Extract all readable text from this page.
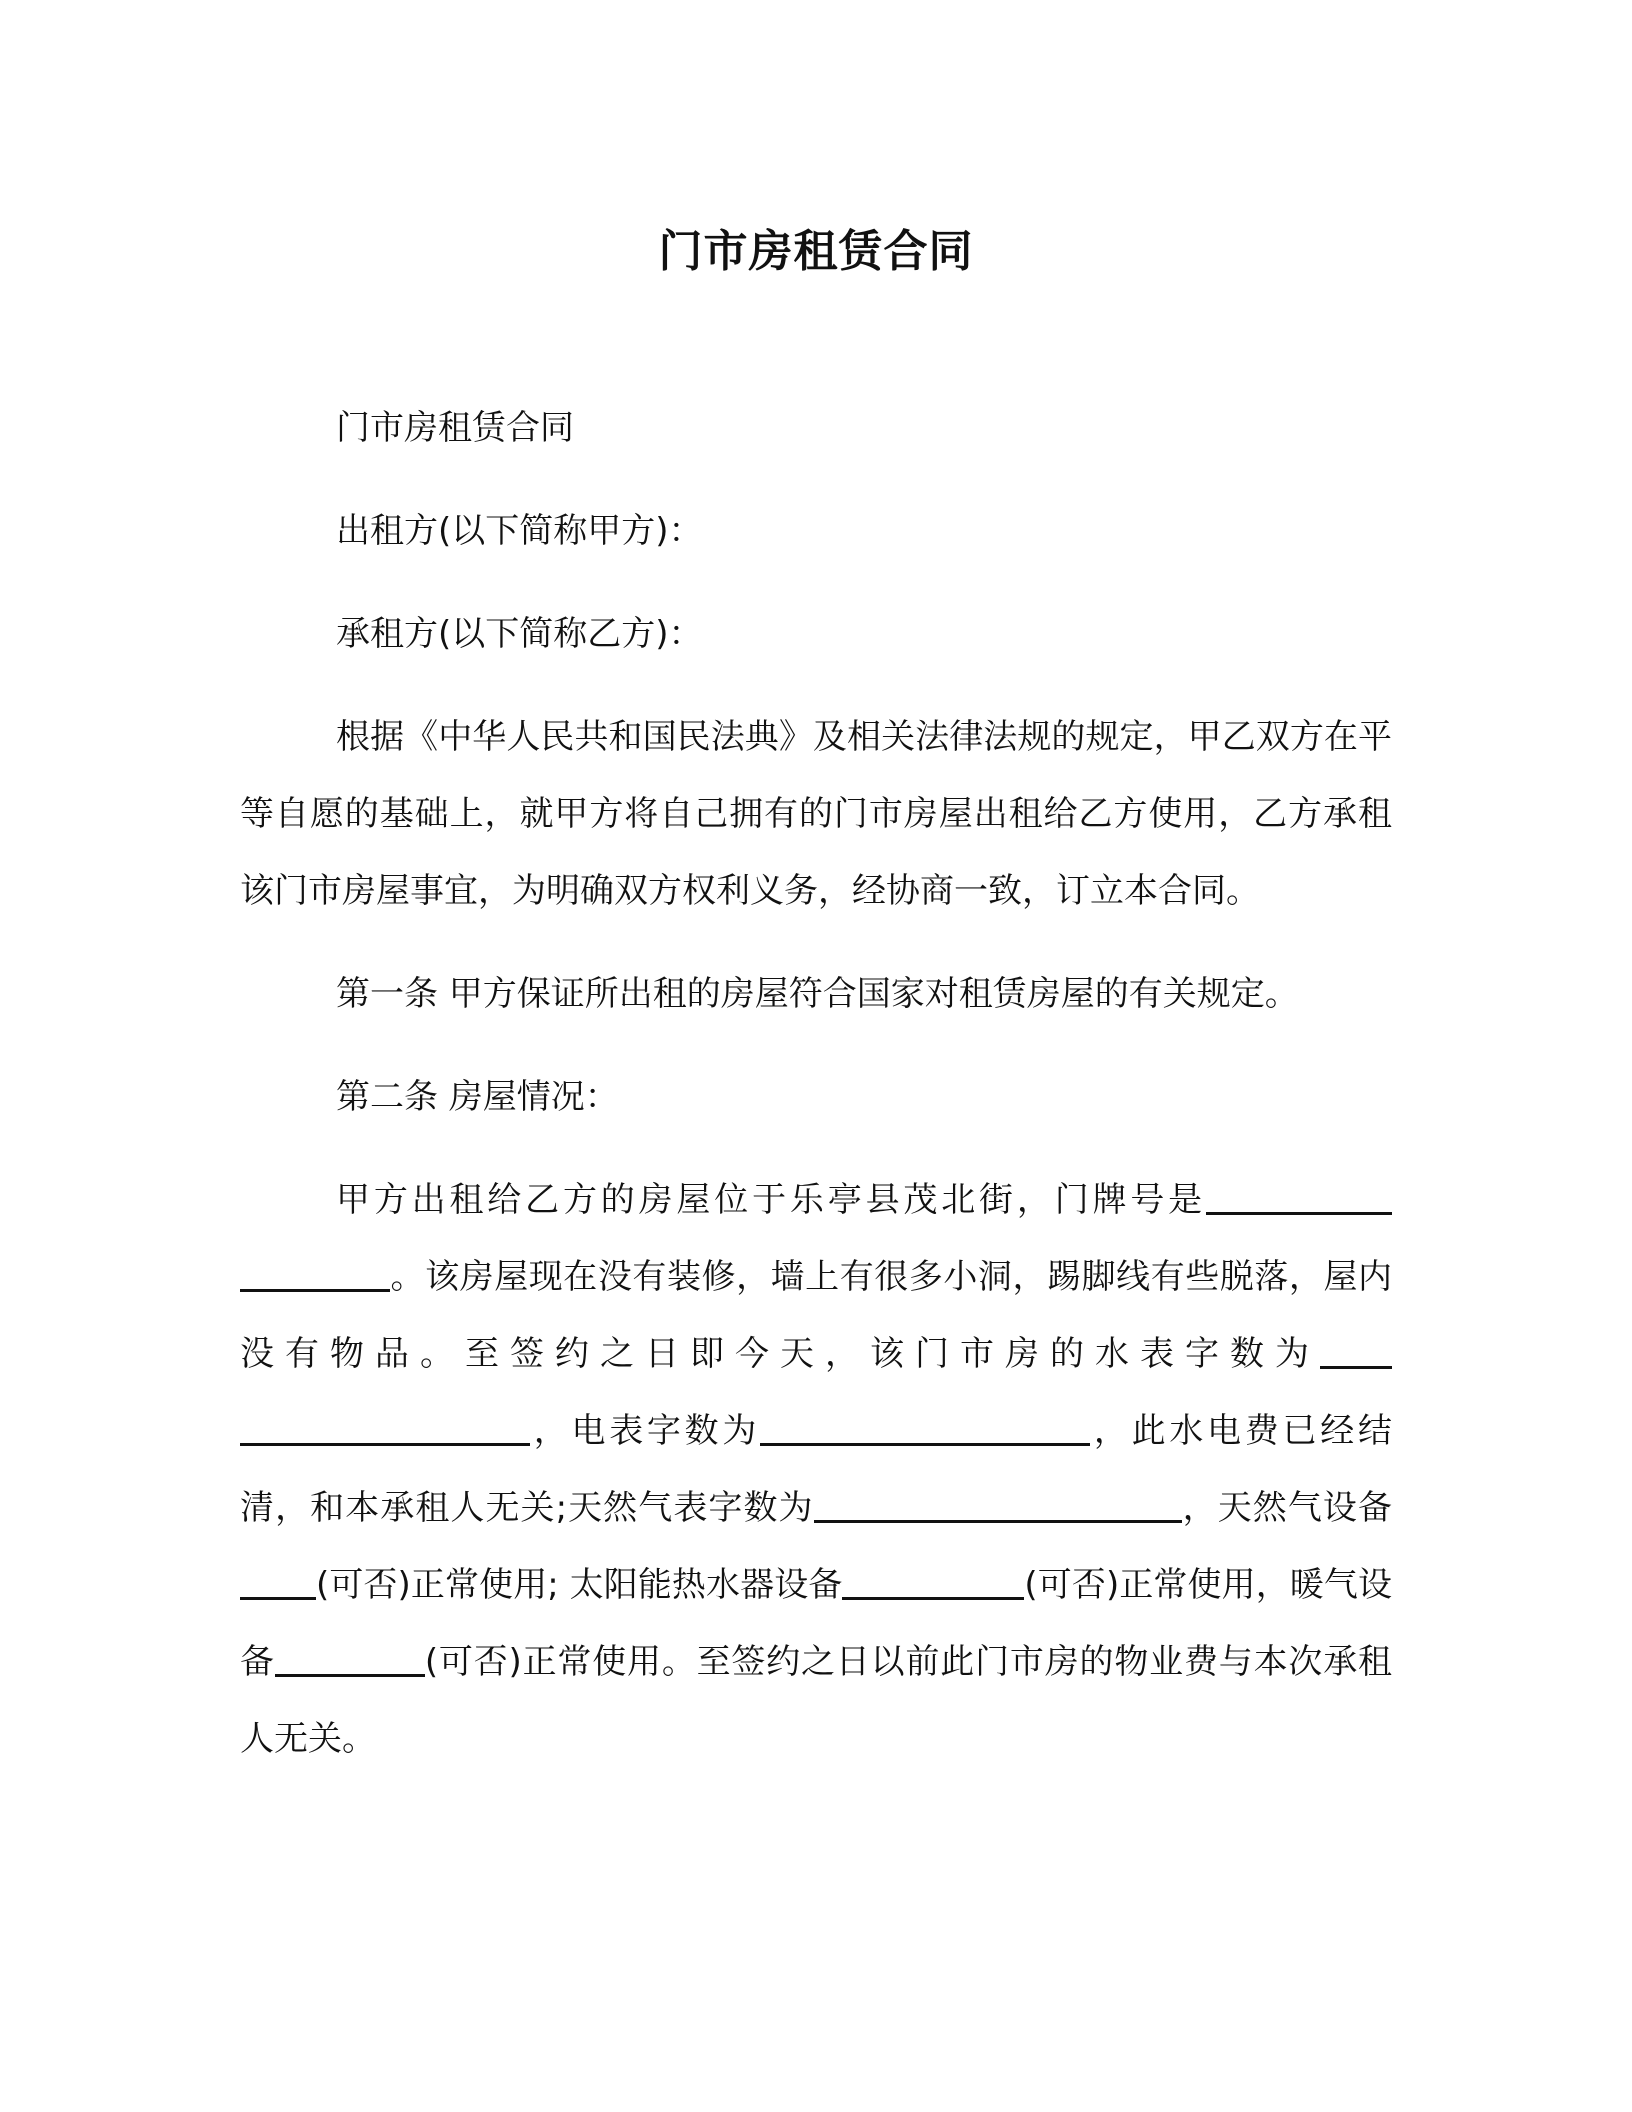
门市房租赁合同

门市房租赁合同

出租方(以下简称甲方)：

承租方(以下简称乙方)：

根据《中华人民共和国民法典》及相关法律法规的规定，甲乙双方在平等自愿的基础上，就甲方将自己拥有的门市房屋出租给乙方使用，乙方承租该门市房屋事宜，为明确双方权利义务，经协商一致，订立本合同。

第一条 甲方保证所出租的房屋符合国家对租赁房屋的有关规定。

第二条 房屋情况：

甲方出租给乙方的房屋位于乐亭县茂北街，门牌号是。该房屋现在没有装修，墙上有很多小洞，踢脚线有些脱落，屋内没有物品。至签约之日即今天，该门市房的水表字数为，电表字数为	，此水电费已经结清，和本承租人无关;天然气表字数为	，天然气设备(可否)正常使用; 太阳能热水器设备	(可否)正常使用，暖气设备	(可否)正常使用。至签约之日以前此门市房的物业费与本次承租人无关。
